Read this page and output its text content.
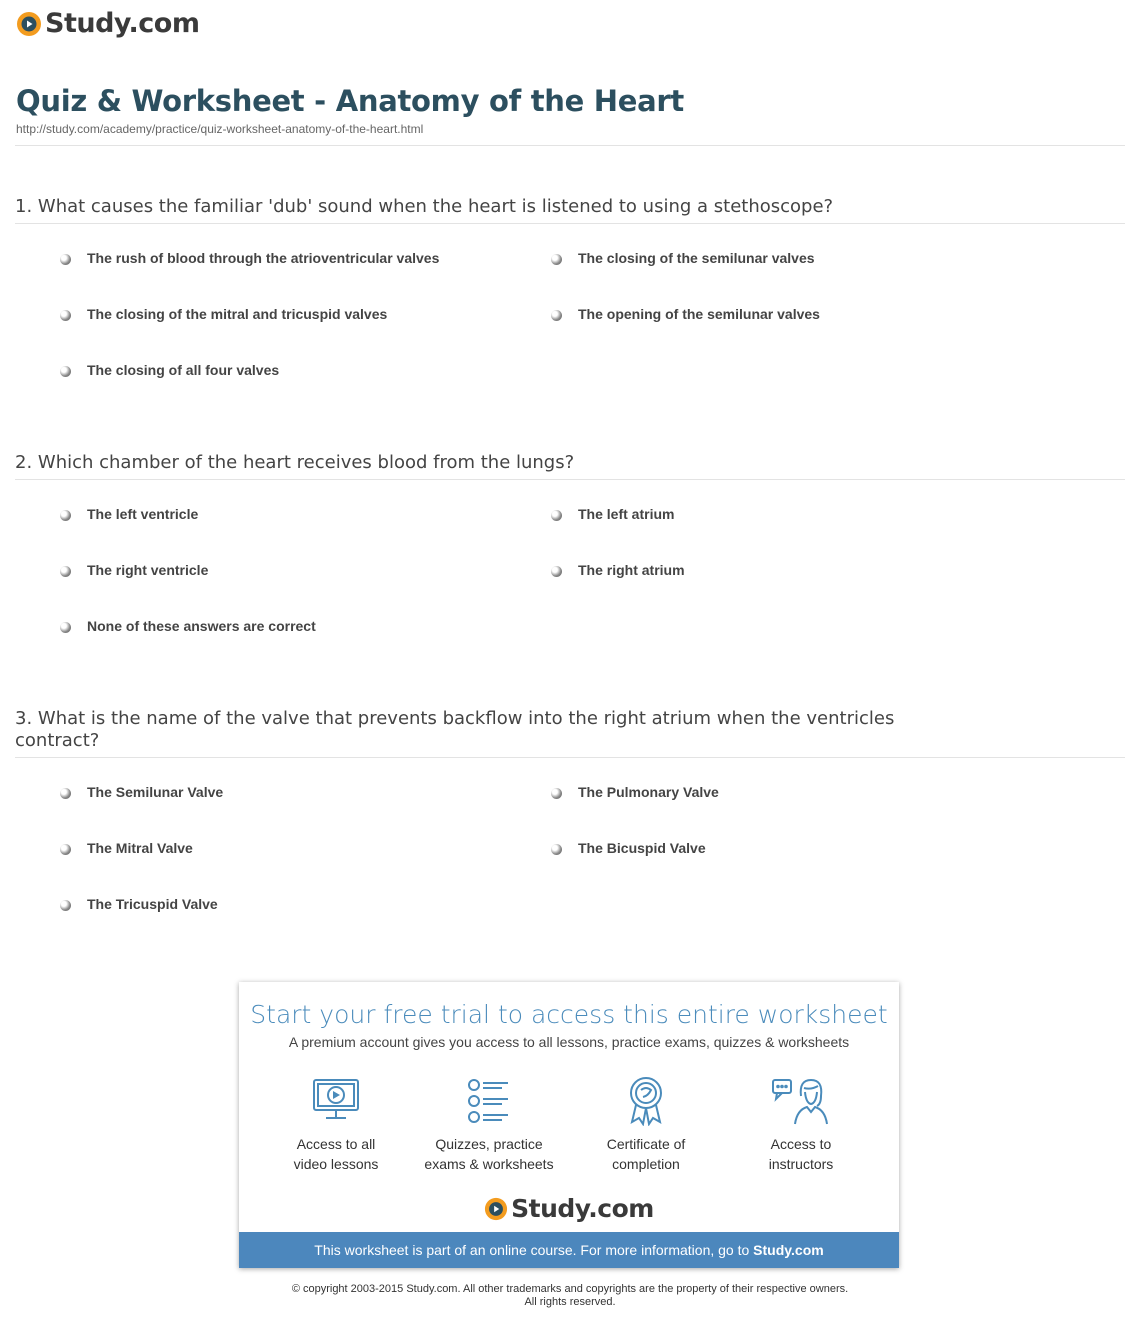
Study.com
Quiz & Worksheet - Anatomy of the Heart
http://study.com/academy/practice/quiz-worksheet-anatomy-of-the-heart.html
1. What causes the familiar 'dub' sound when the heart is listened to using a stethoscope?
The rush of blood through the atrioventricular valves	The closing of the semilunar valves
The closing of the mitral and tricuspid valves	The opening of the semilunar valves
The closing of all four valves
2. Which chamber of the heart receives blood from the lungs?
The left ventricle	The left atrium
The right ventricle	The right atrium
None of these answers are correct
3. What is the name of the valve that prevents backflow into the right atrium when the ventricles contract?
The Semilunar Valve	The Pulmonary Valve
The Mitral Valve	The Bicuspid Valve
The Tricuspid Valve
Start your free trial to access this entire worksheet
A premium account gives you access to all lessons, practice exams, quizzes & worksheets
Access to all
video lessons
Quizzes, practice
exams & worksheets
Certificate of
completion
Access to
instructors
Study.com
This worksheet is part of an online course. For more information, go to Study.com
© copyright 2003-2015 Study.com. All other trademarks and copyrights are the property of their respective owners.
All rights reserved.
